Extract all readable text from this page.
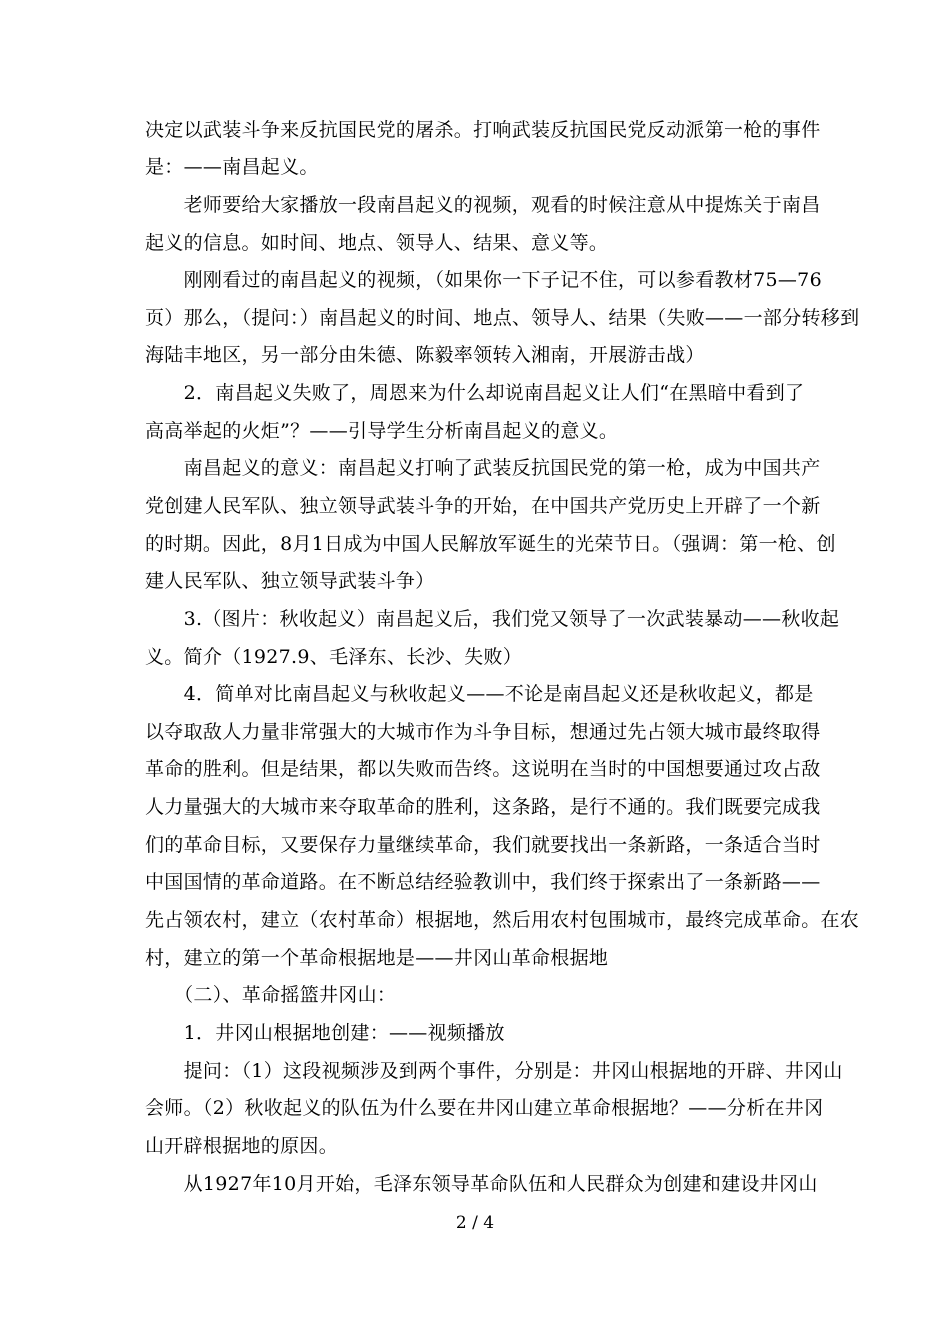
决定以武装斗争来反抗国民党的屠杀。打响武装反抗国民党反动派第一枪的事件
是：——南昌起义。
　　老师要给大家播放一段南昌起义的视频，观看的时候注意从中提炼关于南昌
起义的信息。如时间、地点、领导人、结果、意义等。
　　刚刚看过的南昌起义的视频，（如果你一下子记不住，可以参看教材75—76
页）那么，（提问：）南昌起义的时间、地点、领导人、结果（失败——一部分转移到
海陆丰地区，另一部分由朱德、陈毅率领转入湘南，开展游击战）
　　2．南昌起义失败了，周恩来为什么却说南昌起义让人们“在黑暗中看到了
高高举起的火炬”？——引导学生分析南昌起义的意义。
　　南昌起义的意义：南昌起义打响了武装反抗国民党的第一枪，成为中国共产
党创建人民军队、独立领导武装斗争的开始，在中国共产党历史上开辟了一个新
的时期。因此，8月1日成为中国人民解放军诞生的光荣节日。（强调：第一枪、创
建人民军队、独立领导武装斗争）
　　3.（图片：秋收起义）南昌起义后，我们党又领导了一次武装暴动——秋收起
义。简介（1927.9、毛泽东、长沙、失败）
　　4．简单对比南昌起义与秋收起义——不论是南昌起义还是秋收起义，都是
以夺取敌人力量非常强大的大城市作为斗争目标，想通过先占领大城市最终取得
革命的胜利。但是结果，都以失败而告终。这说明在当时的中国想要通过攻占敌
人力量强大的大城市来夺取革命的胜利，这条路，是行不通的。我们既要完成我
们的革命目标，又要保存力量继续革命，我们就要找出一条新路，一条适合当时
中国国情的革命道路。在不断总结经验教训中，我们终于探索出了一条新路——
先占领农村，建立（农村革命）根据地，然后用农村包围城市，最终完成革命。在农
村，建立的第一个革命根据地是——井冈山革命根据地
　　（二）、革命摇篮井冈山：
　　1．井冈山根据地创建：——视频播放
　　提问：（1）这段视频涉及到两个事件，分别是：井冈山根据地的开辟、井冈山
会师。（2）秋收起义的队伍为什么要在井冈山建立革命根据地？——分析在井冈
山开辟根据地的原因。
　　从1927年10月开始，毛泽东领导革命队伍和人民群众为创建和建设井冈山
2 / 4
